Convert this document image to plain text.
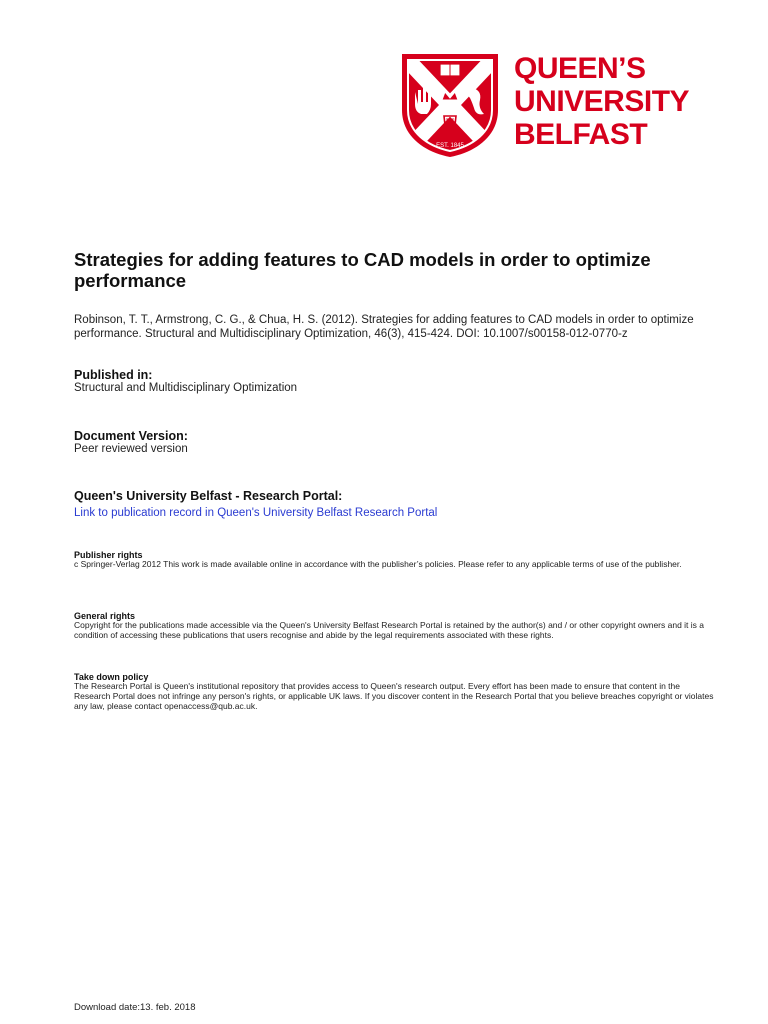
EST. 1845
QUEEN’S
UNIVERSITY
BELFAST
Strategies for adding features to CAD models in order to optimize performance
Robinson, T. T., Armstrong, C. G., & Chua, H. S. (2012). Strategies for adding features to CAD models in order to optimize performance. Structural and Multidisciplinary Optimization, 46(3), 415-424. DOI: 10.1007/s00158-012-0770-z
Published in:
Structural and Multidisciplinary Optimization
Document Version:
Peer reviewed version
Queen's University Belfast - Research Portal:
Link to publication record in Queen's University Belfast Research Portal
Publisher rights
c Springer-Verlag 2012 This work is made available online in accordance with the publisher’s policies. Please refer to any applicable terms of use of the publisher.
General rights
Copyright for the publications made accessible via the Queen's University Belfast Research Portal is retained by the author(s) and / or other copyright owners and it is a condition of accessing these publications that users recognise and abide by the legal requirements associated with these rights.
Take down policy
The Research Portal is Queen's institutional repository that provides access to Queen's research output. Every effort has been made to ensure that content in the Research Portal does not infringe any person's rights, or applicable UK laws. If you discover content in the Research Portal that you believe breaches copyright or violates any law, please contact openaccess@qub.ac.uk.
Download date:13. feb. 2018
